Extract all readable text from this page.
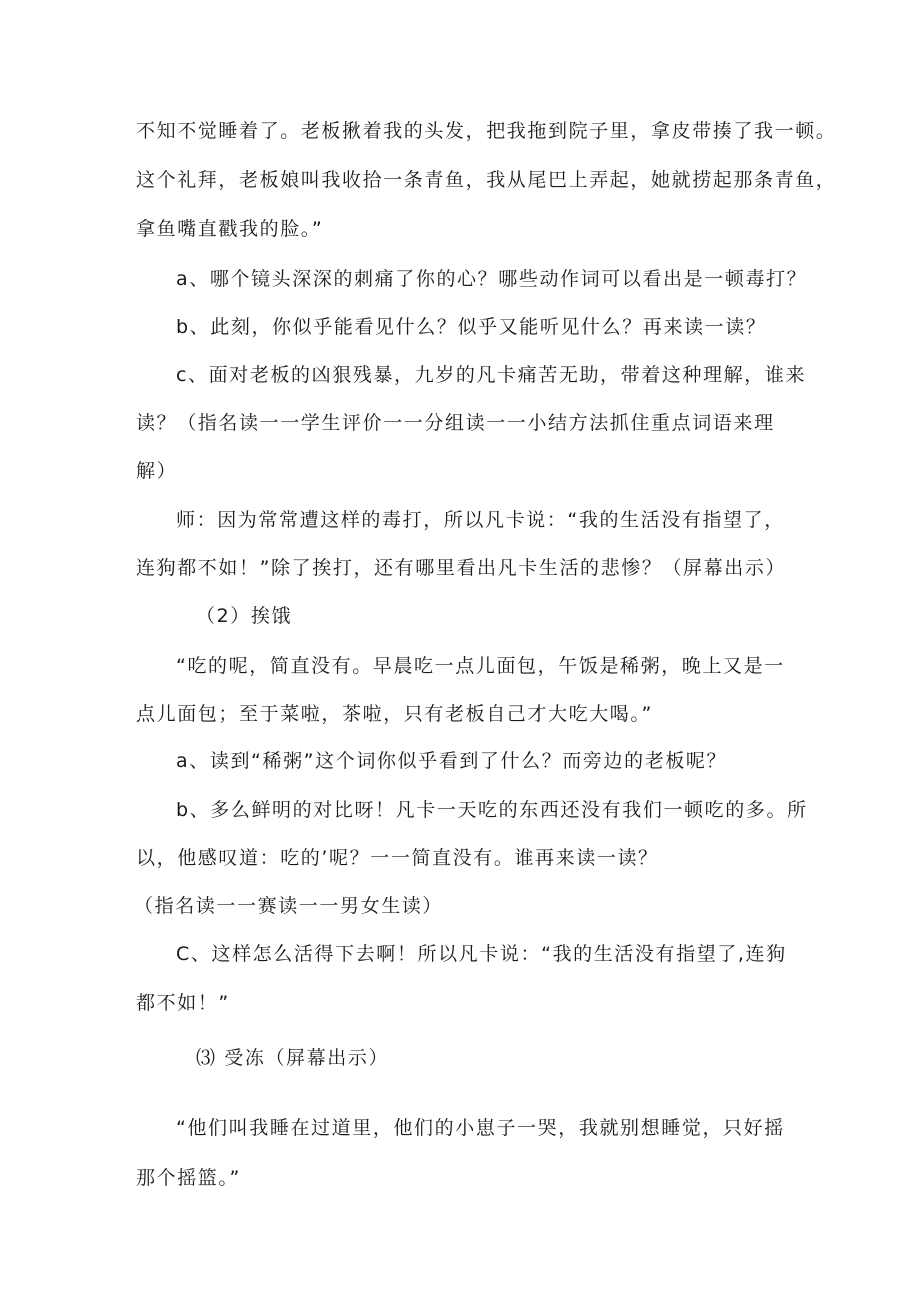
不知不觉睡着了。老板揪着我的头发，把我拖到院子里，拿皮带揍了我一顿。
这个礼拜，老板娘叫我收拾一条青鱼，我从尾巴上弄起，她就捞起那条青鱼，
拿鱼嘴直戳我的脸。”
a、哪个镜头深深的刺痛了你的心？哪些动作词可以看出是一顿毒打？
b、此刻，你似乎能看见什么？似乎又能听见什么？再来读一读？
c、面对老板的凶狠残暴，九岁的凡卡痛苦无助，带着这种理解，谁来
读？（指名读一一学生评价一一分组读一一小结方法抓住重点词语来理
解）
师：因为常常遭这样的毒打，所以凡卡说：“我的生活没有指望了，
连狗都不如！”除了挨打，还有哪里看出凡卡生活的悲惨？（屏幕出示）
（2）挨饿
“吃的呢，简直没有。早晨吃一点儿面包，午饭是稀粥，晚上又是一
点儿面包；至于菜啦，茶啦，只有老板自己才大吃大喝。”
a、读到“稀粥”这个词你似乎看到了什么？而旁边的老板呢？
b、多么鲜明的对比呀！凡卡一天吃的东西还没有我们一顿吃的多。所
以，他感叹道：吃的’呢？一一简直没有。谁再来读一读？
（指名读一一赛读一一男女生读）
C、这样怎么活得下去啊！所以凡卡说：“我的生活没有指望了,连狗
都不如！”
⑶ 受冻（屏幕出示）
“他们叫我睡在过道里，他们的小崽子一哭，我就别想睡觉，只好摇
那个摇篮。”
